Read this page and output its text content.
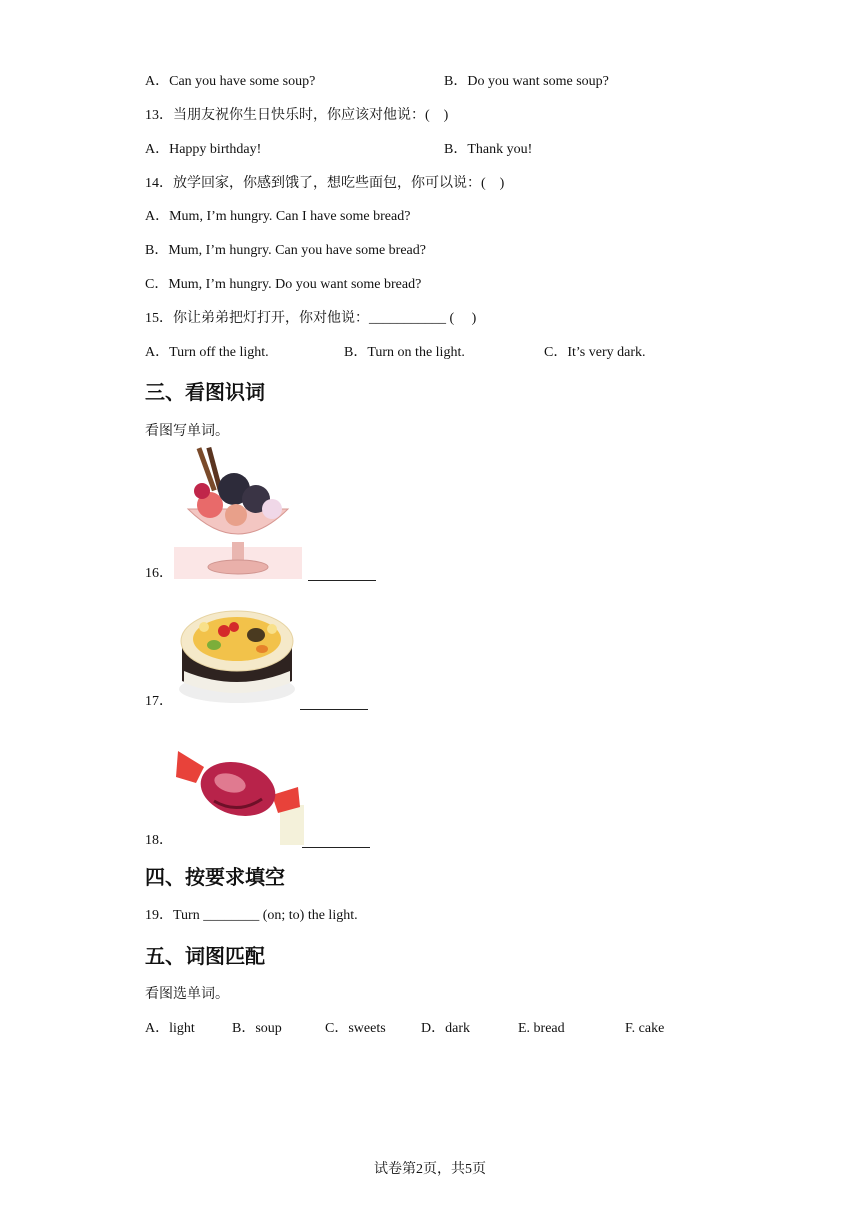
A．Can you have some soup?	B．Do you want some soup?
13．当朋友祝你生日快乐时，你应该对他说：(　)
A．Happy birthday!	B．Thank you!
14．放学回家，你感到饿了，想吃些面包，你可以说：(　)
A．Mum, I’m hungry. Can I have some bread?
B．Mum, I’m hungry. Can you have some bread?
C．Mum, I’m hungry. Do you want some bread?
15．你让弟弟把灯打开，你对他说：___________ (　 )
A．Turn off the light.	B．Turn on the light.	C．It’s very dark.
三、看图识词
看图写单词。
16．
17．
18．
四、按要求填空
19．Turn ________ (on; to) the light.
五、词图匹配
看图选单词。
A．light	B．soup	C．sweets	D．dark	E. bread	F. cake
试卷第2页，共5页
